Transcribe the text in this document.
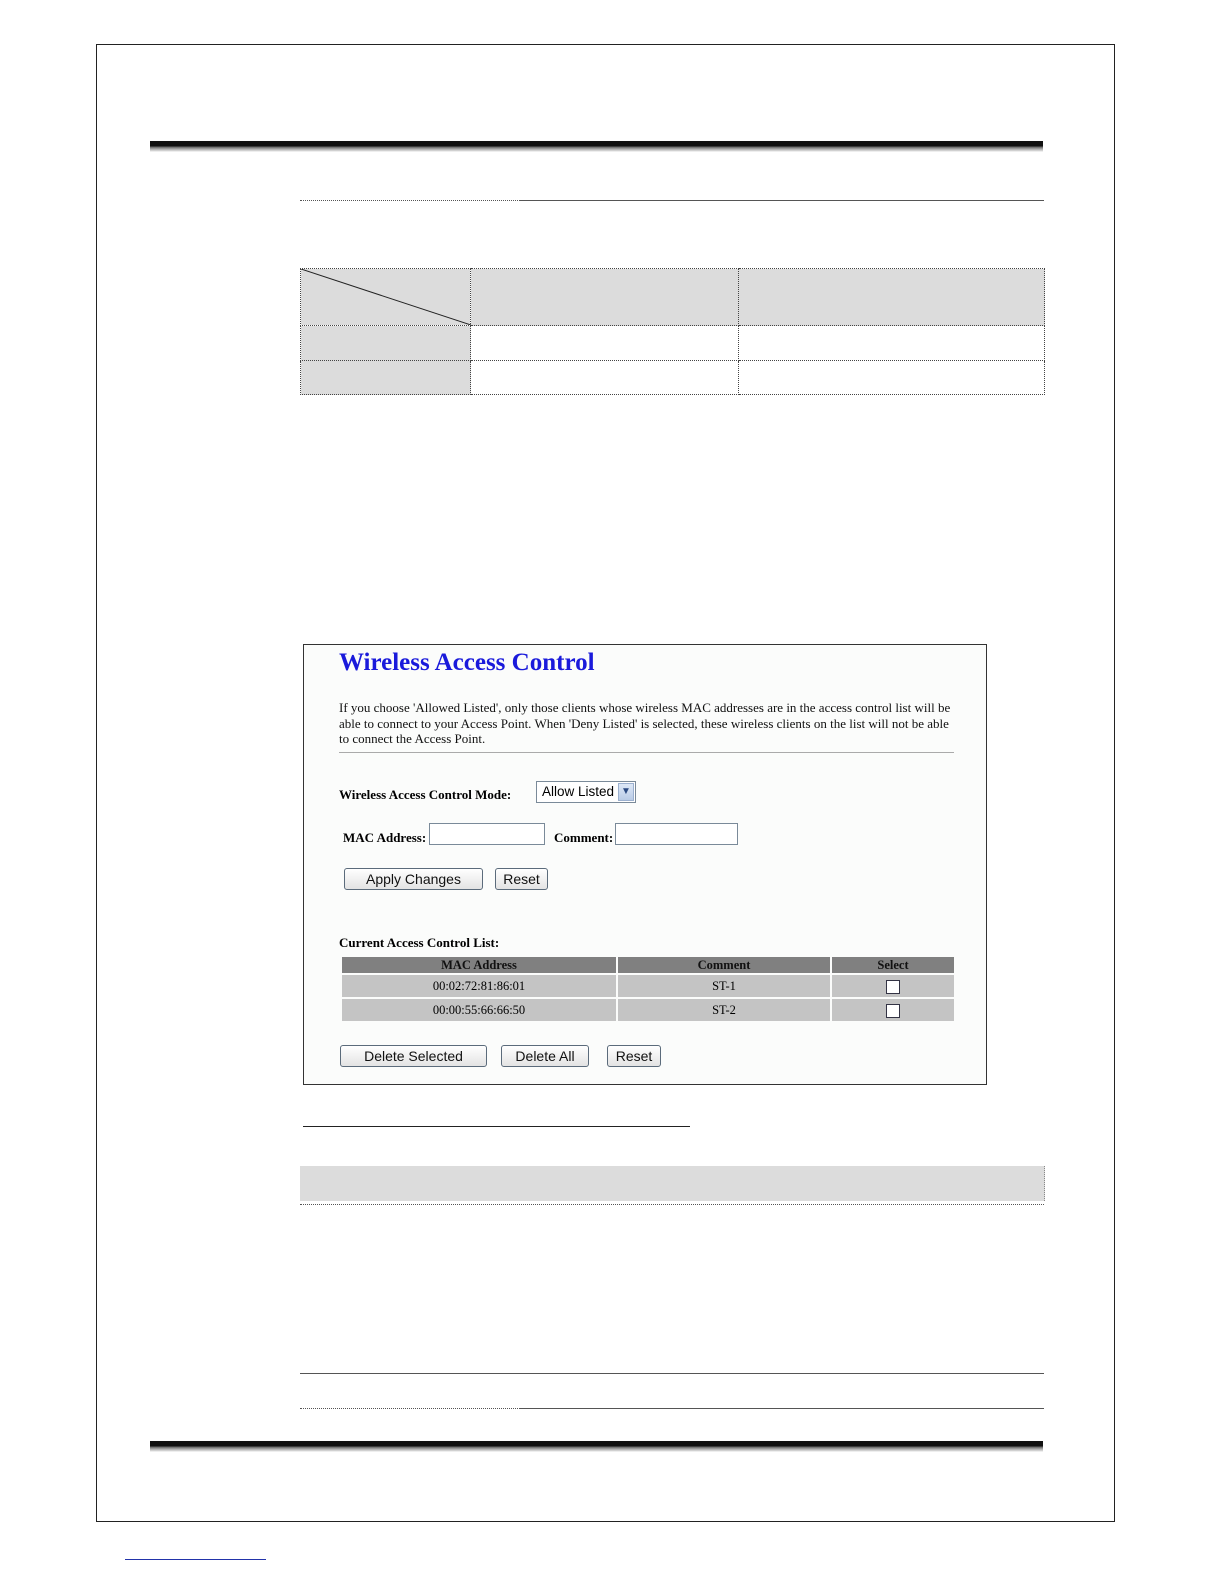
Wireless Access Control
If you choose 'Allowed Listed', only those clients whose wireless MAC addresses are in the access control list will be able to connect to your Access Point. When 'Deny Listed' is selected, these wireless clients on the list will not be able to connect the Access Point.
Wireless Access Control Mode: Allow Listed ▼
MAC Address:	Comment:
Apply Changes	Reset
Current Access Control List:
MAC Address	Comment	Select
00:02:72:81:86:01	ST-1	
00:00:55:66:66:50	ST-2	
Delete Selected	Delete All	Reset
